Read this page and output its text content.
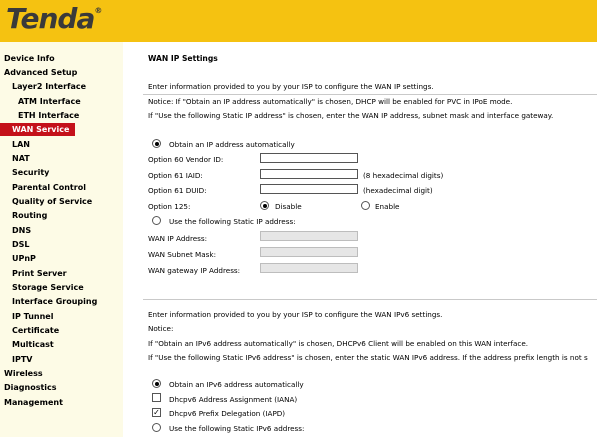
Tenda®
Device Info
Advanced Setup
Layer2 Interface
ATM Interface
ETH Interface
WAN Service
LAN
NAT
Security
Parental Control
Quality of Service
Routing
DNS
DSL
UPnP
Print Server
Storage Service
Interface Grouping
IP Tunnel
Certificate
Multicast
IPTV
Wireless
Diagnostics
Management
WAN IP Settings
Enter information provided to you by your ISP to configure the WAN IP settings.
Notice: If "Obtain an IP address automatically" is chosen, DHCP will be enabled for PVC in IPoE mode.
If "Use the following Static IP address" is chosen, enter the WAN IP address, subnet mask and interface gateway.
Obtain an IP address automatically
Option 60 Vendor ID:
Option 61 IAID:	(8 hexadecimal digits)
Option 61 DUID:	(hexadecimal digit)
Option 125:	Disable	Enable
Use the following Static IP address:
WAN IP Address:
WAN Subnet Mask:
WAN gateway IP Address:
Enter information provided to you by your ISP to configure the WAN IPv6 settings.
Notice:
If "Obtain an IPv6 address automatically" is chosen, DHCPv6 Client will be enabled on this WAN interface.
If "Use the following Static IPv6 address" is chosen, enter the static WAN IPv6 address. If the address prefix length is not s
Obtain an IPv6 address automatically
Dhcpv6 Address Assignment (IANA)
✓ Dhcpv6 Prefix Delegation (IAPD)
Use the following Static IPv6 address:
